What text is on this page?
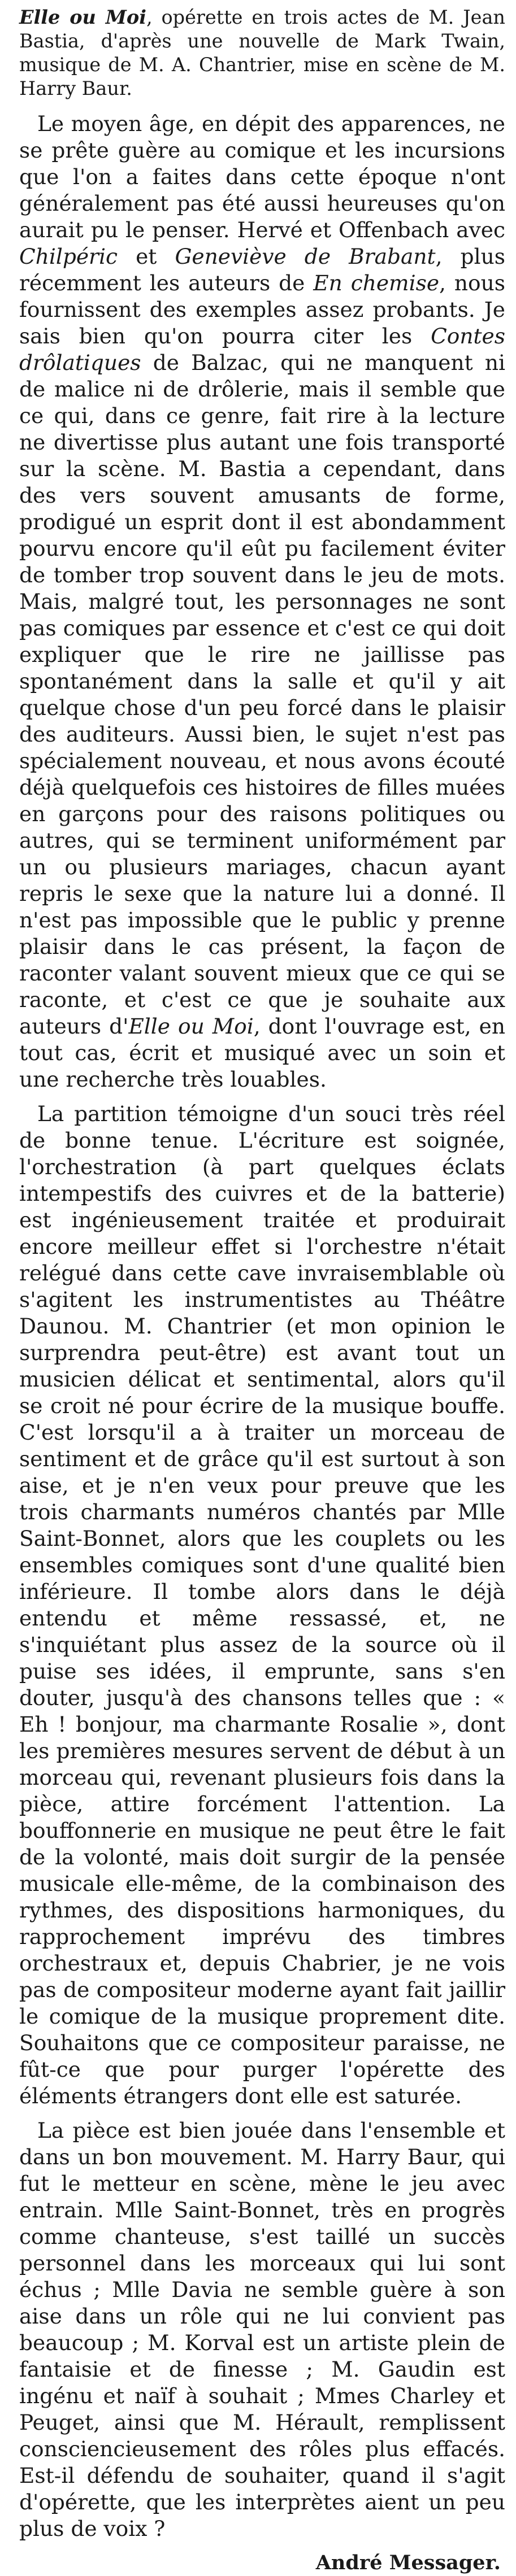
Elle ou Moi, opérette en trois actes de M. Jean Bastia, d'après une nouvelle de Mark Twain, musique de M. A. Chantrier, mise en scène de M. Harry Baur.

Le moyen âge, en dépit des apparences, ne se prête guère au comique et les incursions que l'on a faites dans cette époque n'ont généralement pas été aussi heureuses qu'on aurait pu le penser. Hervé et Offenbach avec Chilpéric et Geneviève de Brabant, plus récemment les auteurs de En chemise, nous fournissent des exemples assez probants. Je sais bien qu'on pourra citer les Contes drôlatiques de Balzac, qui ne manquent ni de malice ni de drôlerie, mais il semble que ce qui, dans ce genre, fait rire à la lecture ne divertisse plus autant une fois transporté sur la scène. M. Bastia a cependant, dans des vers souvent amusants de forme, prodigué un esprit dont il est abondamment pourvu encore qu'il eût pu facilement éviter de tomber trop souvent dans le jeu de mots. Mais, malgré tout, les personnages ne sont pas comiques par essence et c'est ce qui doit expliquer que le rire ne jaillisse pas spontanément dans la salle et qu'il y ait quelque chose d'un peu forcé dans le plaisir des auditeurs. Aussi bien, le sujet n'est pas spécialement nouveau, et nous avons écouté déjà quelquefois ces histoires de filles muées en garçons pour des raisons politiques ou autres, qui se terminent uniformément par un ou plusieurs mariages, chacun ayant repris le sexe que la nature lui a donné. Il n'est pas impossible que le public y prenne plaisir dans le cas présent, la façon de raconter valant souvent mieux que ce qui se raconte, et c'est ce que je souhaite aux auteurs d'Elle ou Moi, dont l'ouvrage est, en tout cas, écrit et musiqué avec un soin et une recherche très louables.

La partition témoigne d'un souci très réel de bonne tenue. L'écriture est soignée, l'orchestration (à part quelques éclats intempestifs des cuivres et de la batterie) est ingénieusement traitée et produirait encore meilleur effet si l'orchestre n'était relégué dans cette cave invraisemblable où s'agitent les instrumentistes au Théâtre Daunou. M. Chantrier (et mon opinion le surprendra peut-être) est avant tout un musicien délicat et sentimental, alors qu'il se croit né pour écrire de la musique bouffe. C'est lorsqu'il a à traiter un morceau de sentiment et de grâce qu'il est surtout à son aise, et je n'en veux pour preuve que les trois charmants numéros chantés par Mlle Saint-Bonnet, alors que les couplets ou les ensembles comiques sont d'une qualité bien inférieure. Il tombe alors dans le déjà entendu et même ressassé, et, ne s'inquiétant plus assez de la source où il puise ses idées, il emprunte, sans s'en douter, jusqu'à des chansons telles que : « Eh ! bonjour, ma charmante Rosalie », dont les premières mesures servent de début à un morceau qui, revenant plusieurs fois dans la pièce, attire forcément l'attention. La bouffonnerie en musique ne peut être le fait de la volonté, mais doit surgir de la pensée musicale elle-même, de la combinaison des rythmes, des dispositions harmoniques, du rapprochement imprévu des timbres orchestraux et, depuis Chabrier, je ne vois pas de compositeur moderne ayant fait jaillir le comique de la musique proprement dite. Souhaitons que ce compositeur paraisse, ne fût-ce que pour purger l'opérette des éléments étrangers dont elle est saturée.

La pièce est bien jouée dans l'ensemble et dans un bon mouvement. M. Harry Baur, qui fut le metteur en scène, mène le jeu avec entrain. Mlle Saint-Bonnet, très en progrès comme chanteuse, s'est taillé un succès personnel dans les morceaux qui lui sont échus ; Mlle Davia ne semble guère à son aise dans un rôle qui ne lui convient pas beaucoup ; M. Korval est un artiste plein de fantaisie et de finesse ; M. Gaudin est ingénu et naïf à souhait ; Mmes Charley et Peuget, ainsi que M. Hérault, remplissent consciencieusement des rôles plus effacés. Est-il défendu de souhaiter, quand il s'agit d'opérette, que les interprètes aient un peu plus de voix ?

André Messager.
